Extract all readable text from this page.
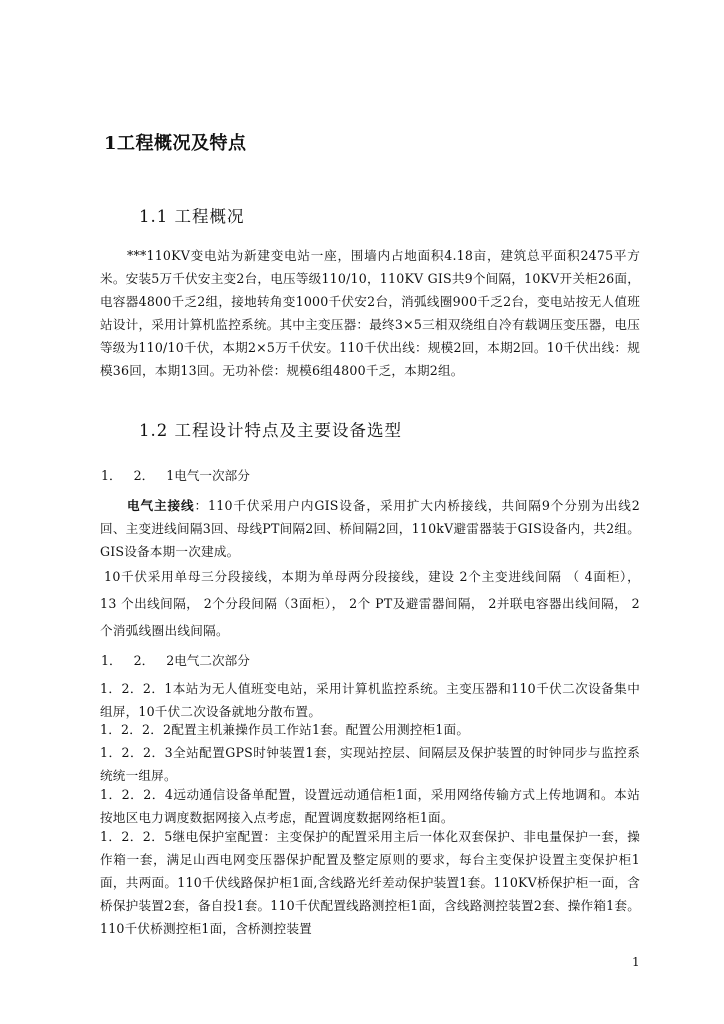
1工程概况及特点
1.1 工程概况
***110KV变电站为新建变电站一座，围墙内占地面积4.18亩，建筑总平面积2475平方米。安装5万千伏安主变2台，电压等级110/10，110KV GIS共9个间隔，10KV开关柜26面，电容器4800千乏2组，接地转角变1000千伏安2台，消弧线圈900千乏2台，变电站按无人值班站设计，采用计算机监控系统。其中主变压器：最终3×5三相双绕组自冷有载调压变压器，电压等级为110/10千伏，本期2×5万千伏安。110千伏出线：规模2回，本期2回。10千伏出线：规模36回，本期13回。无功补偿：规模6组4800千乏，本期2组。
1.2 工程设计特点及主要设备选型
1．   2．   1电气一次部分
电气主接线：110千伏采用户内GIS设备，采用扩大内桥接线，共间隔9个分别为出线2回、主变进线间隔3回、母线PT间隔2回、桥间隔2回，110kV避雷器装于GIS设备内，共2组。GIS设备本期一次建成。
10千伏采用单母三分段接线，本期为单母两分段接线，建设 2个主变进线间隔 （ 4面柜）， 13 个出线间隔， 2个分段间隔（3面柜）， 2个 PT及避雷器间隔， 2并联电容器出线间隔， 2个消弧线圈出线间隔。
1．   2．   2电气二次部分
1．2．2．1本站为无人值班变电站，采用计算机监控系统。主变压器和110千伏二次设备集中组屏，10千伏二次设备就地分散布置。
1．2．2．2配置主机兼操作员工作站1套。配置公用测控柜1面。
1．2．2．3全站配置GPS时钟装置1套，实现站控层、间隔层及保护装置的时钟同步与监控系统统一组屏。
1．2．2．4远动通信设备单配置，设置远动通信柜1面，采用网络传输方式上传地调和。本站按地区电力调度数据网接入点考虑，配置调度数据网络柜1面。
1．2．2．5继电保护室配置：主变保护的配置采用主后一体化双套保护、非电量保护一套，操作箱一套，满足山西电网变压器保护配置及整定原则的要求，每台主变保护设置主变保护柜1面，共两面。110千伏线路保护柜1面,含线路光纤差动保护装置1套。110KV桥保护柜一面，含桥保护装置2套，备自投1套。110千伏配置线路测控柜1面，含线路测控装置2套、操作箱1套。110千伏桥测控柜1面，含桥测控装置
1
